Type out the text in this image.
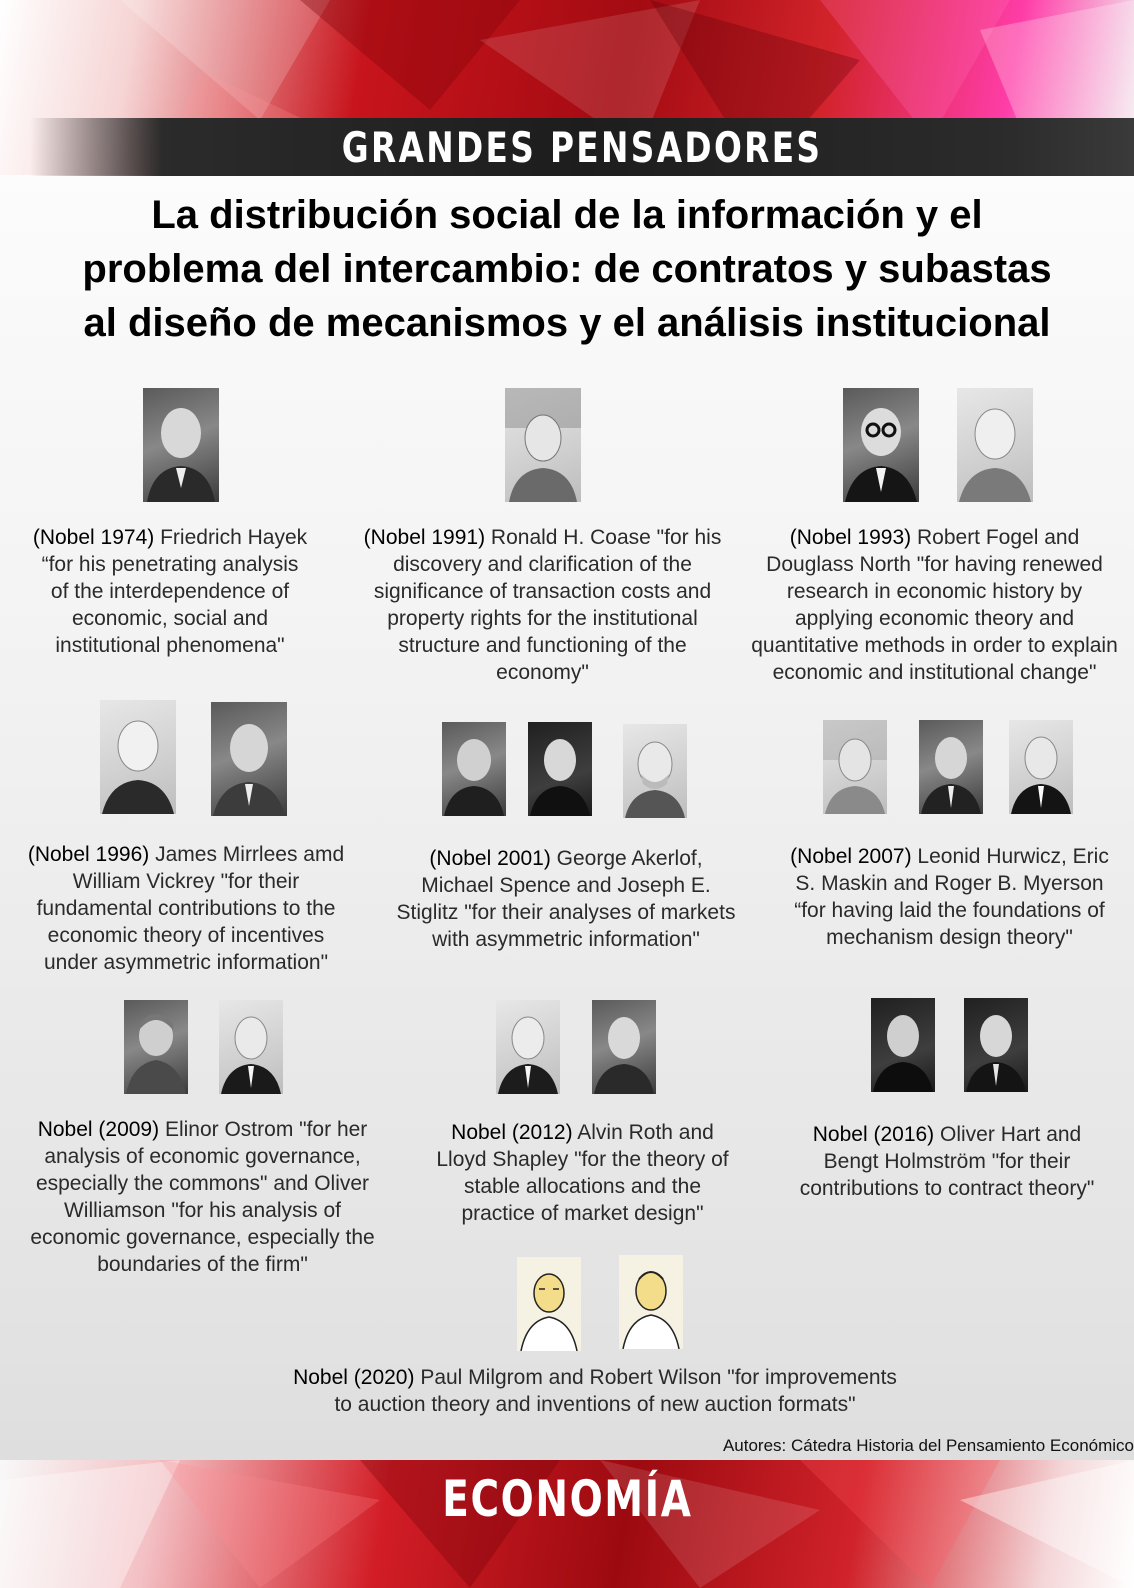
GRANDES PENSADORES
La distribución social de la información y el
problema del intercambio: de contratos y subastas
al diseño de mecanismos y el análisis institucional
(Nobel 1974) Friedrich Hayek
“for his penetrating analysis
of the interdependence of
economic, social and
institutional phenomena"
(Nobel 1991) Ronald H. Coase "for his
discovery and clarification of the
significance of transaction costs and
property rights for the institutional
structure and functioning of the
economy"
(Nobel 1993) Robert Fogel and
Douglass North "for having renewed
research in economic history by
applying economic theory and
quantitative methods in order to explain
economic and institutional change"
(Nobel 1996) James Mirrlees amd
William Vickrey "for their
fundamental contributions to the
economic theory of incentives
under asymmetric information"
(Nobel 2001) George Akerlof,
Michael Spence and Joseph E.
Stiglitz "for their analyses of markets
with asymmetric information"
(Nobel 2007) Leonid Hurwicz, Eric
S. Maskin and Roger B. Myerson
“for having laid the foundations of
mechanism design theory"
Nobel (2009) Elinor Ostrom "for her
analysis of economic governance,
especially the commons" and Oliver
Williamson "for his analysis of
economic governance, especially the
boundaries of the firm"
Nobel (2012) Alvin Roth and
Lloyd Shapley "for the theory of
stable allocations and the
practice of market design"
Nobel (2016) Oliver Hart and
Bengt Holmström "for their
contributions to contract theory"
Nobel (2020) Paul Milgrom and Robert Wilson "for improvements
to auction theory and inventions of new auction formats"
Autores: Cátedra Historia del Pensamiento Económico
ECONOMÍA
